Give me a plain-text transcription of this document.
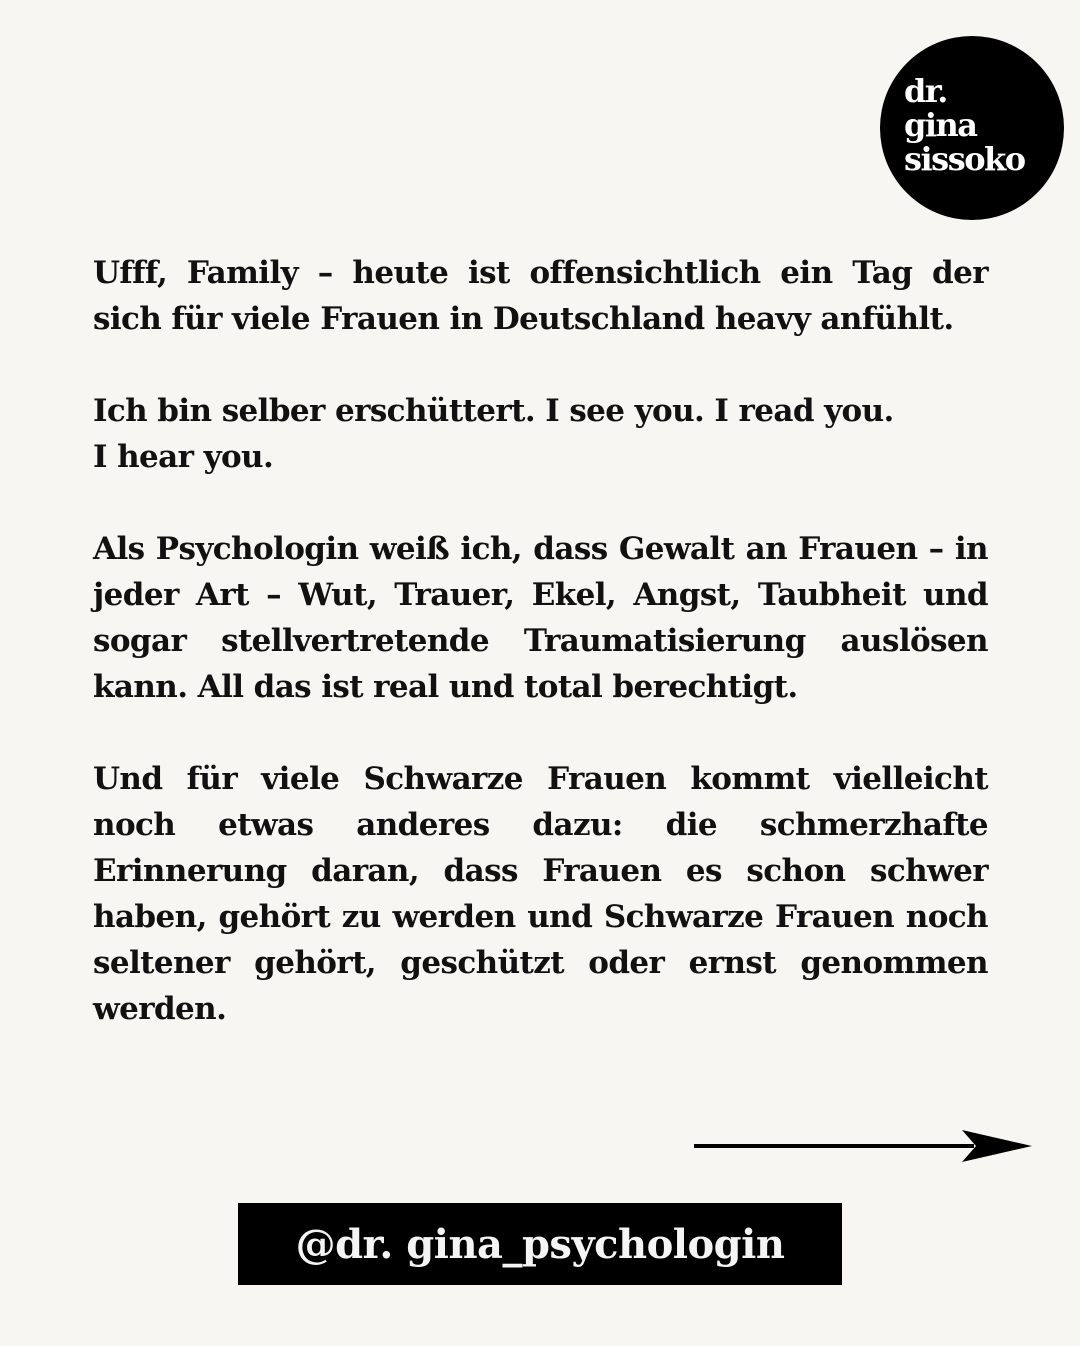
dr.
gina
sissoko

Ufff, Family – heute ist offensichtlich ein Tag der sich für viele Frauen in Deutschland heavy anfühlt.

Ich bin selber erschüttert. I see you. I read you.
I hear you.

Als Psychologin weiß ich, dass Gewalt an Frauen – in jeder Art – Wut, Trauer, Ekel, Angst, Taubheit und sogar stellvertretende Traumatisierung auslösen kann. All das ist real und total berechtigt.

Und für viele Schwarze Frauen kommt vielleicht noch etwas anderes dazu: die schmerzhafte Erinnerung daran, dass Frauen es schon schwer haben, gehört zu werden und Schwarze Frauen noch seltener gehört, geschützt oder ernst genommen werden.

@dr. gina_psychologin
